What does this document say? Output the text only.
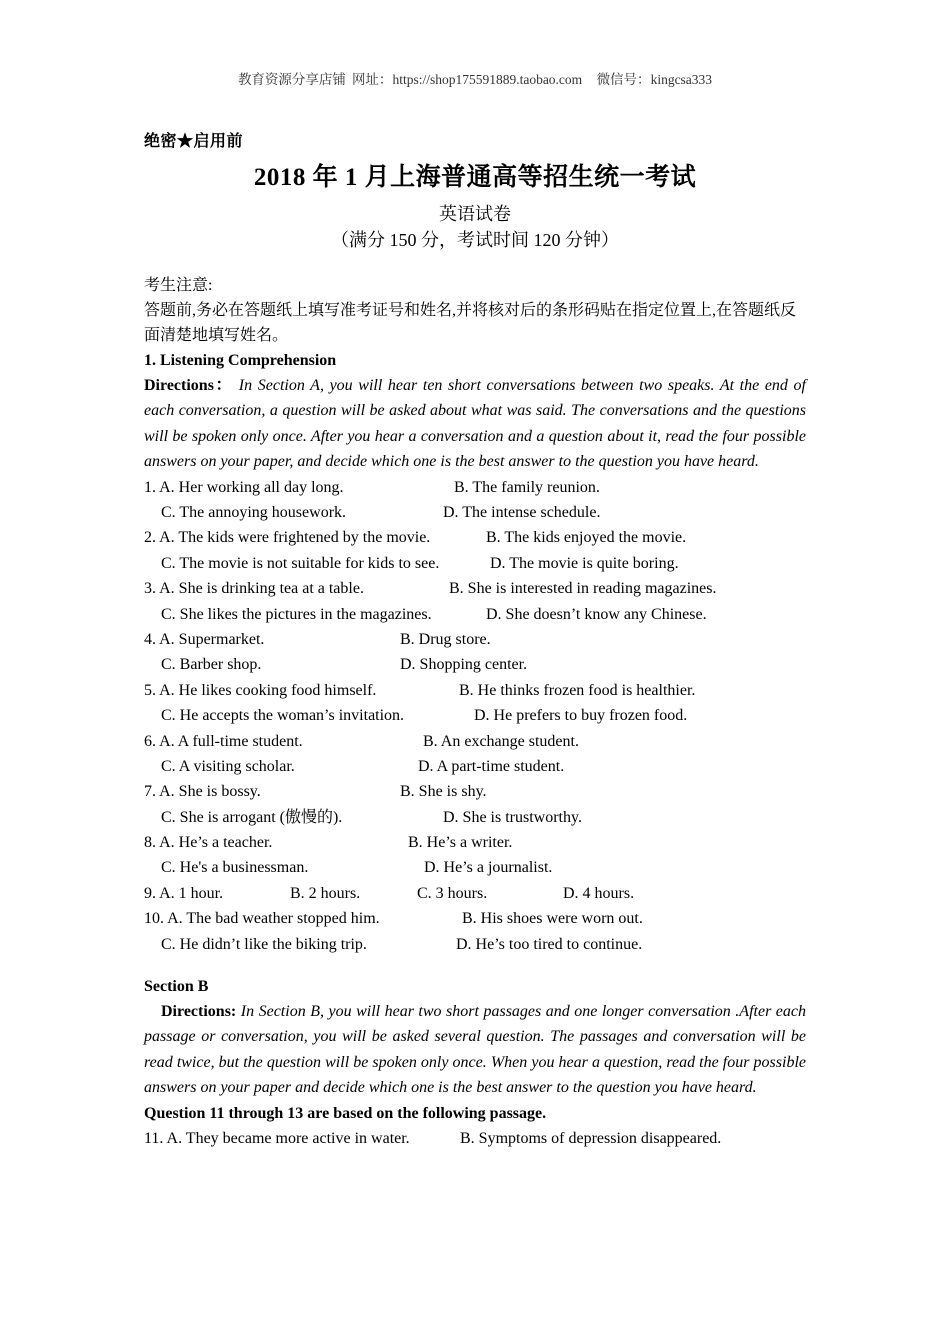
教育资源分享店铺 网址：https://shop175591889.taobao.com 微信号：kingcsa333
绝密★启用前
2018 年 1 月上海普通高等招生统一考试
英语试卷
（满分 150 分，考试时间 120 分钟）
考生注意:
答题前,务必在答题纸上填写准考证号和姓名,并将核对后的条形码贴在指定位置上,在答题纸反面清楚地填写姓名。
1. Listening Comprehension
Directions： In Section A, you will hear ten short conversations between two speaks. At the end of each conversation, a question will be asked about what was said. The conversations and the questions will be spoken only once. After you hear a conversation and a question about it, read the four possible answers on your paper, and decide which one is the best answer to the question you have heard.
1. A. Her working all day long.	B. The family reunion.
C. The annoying housework.	D. The intense schedule.
2. A. The kids were frightened by the movie.	B. The kids enjoyed the movie.
C. The movie is not suitable for kids to see.	D. The movie is quite boring.
3. A. She is drinking tea at a table.	B. She is interested in reading magazines.
C. She likes the pictures in the magazines.	D. She doesn’t know any Chinese.
4. A. Supermarket.	B. Drug store.
C. Barber shop.	D. Shopping center.
5. A. He likes cooking food himself.	B. He thinks frozen food is healthier.
C. He accepts the woman’s invitation.	D. He prefers to buy frozen food.
6. A. A full-time student.	B. An exchange student.
C. A visiting scholar.	D. A part-time student.
7. A. She is bossy.	B. She is shy.
C. She is arrogant (傲慢的).	D. She is trustworthy.
8. A. He’s a teacher.	B. He’s a writer.
C. He's a businessman.	D. He’s a journalist.
9. A. 1 hour.	B. 2 hours.	C. 3 hours.	D. 4 hours.
10. A. The bad weather stopped him.	B. His shoes were worn out.
C. He didn’t like the biking trip.	D. He’s too tired to continue.
Section B
Directions: In Section B, you will hear two short passages and one longer conversation .After each passage or conversation, you will be asked several question. The passages and conversation will be read twice, but the question will be spoken only once. When you hear a question, read the four possible answers on your paper and decide which one is the best answer to the question you have heard.
Question 11 through 13 are based on the following passage.
11. A. They became more active in water.	B. Symptoms of depression disappeared.
